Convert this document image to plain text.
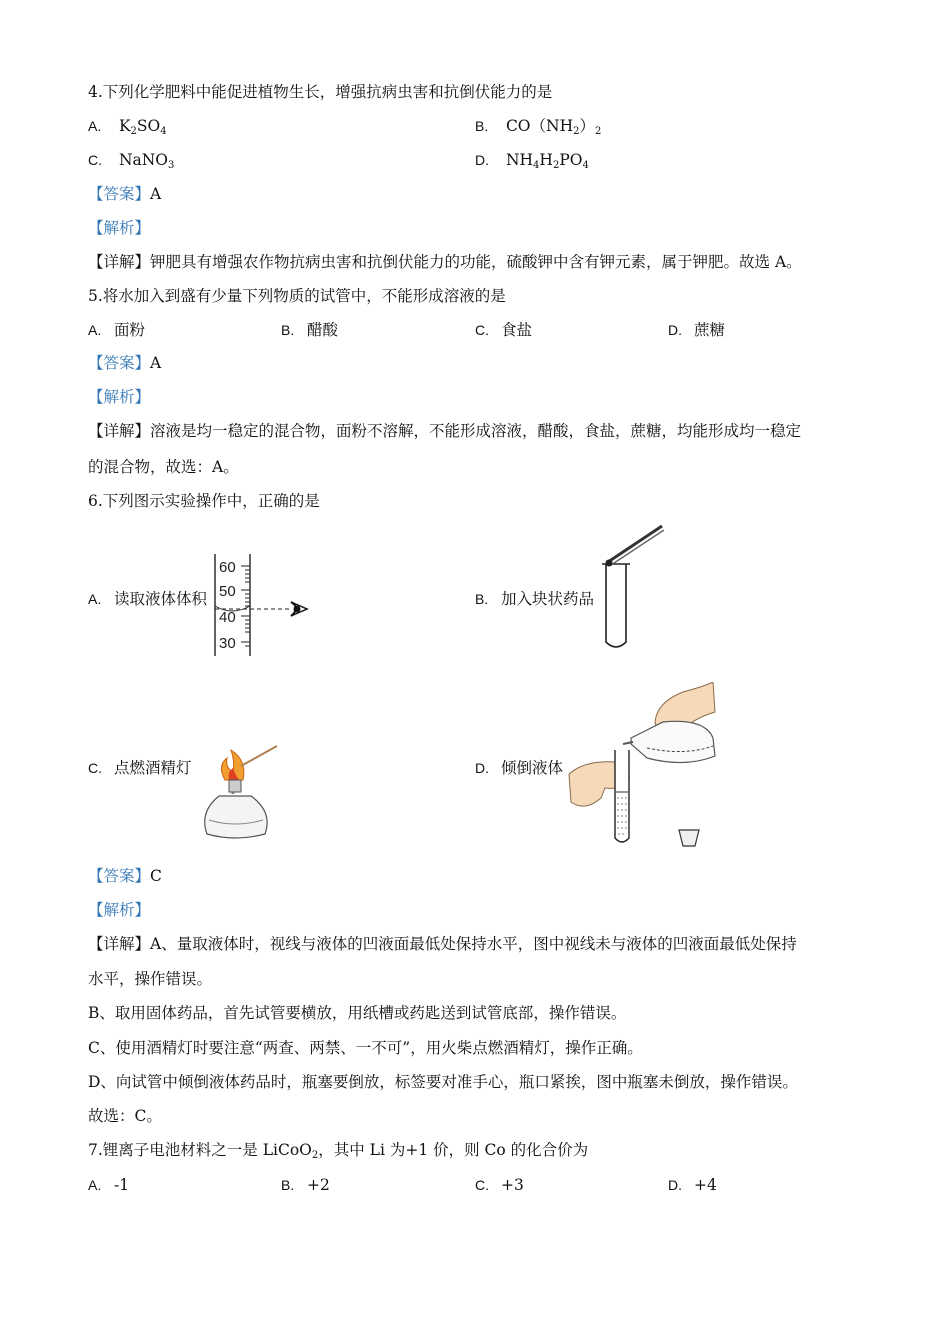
4.下列化学肥料中能促进植物生长，增强抗病虫害和抗倒伏能力的是
A. $K_2SO_4$	B. $CO(NH_2)_2$
C. NaNO$_3$	D. $NH_4H_2PO_4$
【答案】A
【解析】
【详解】钾肥具有增强农作物抗病虫害和抗倒伏能力的功能，硫酸钾中含有钾元素，属于钾肥。故选 A。
5.将水加入到盛有少量下列物质的试管中，不能形成溶液的是
A. 面粉	B. 醋酸	C. 食盐	D. 蔗糖
【答案】A
【解析】
【详解】溶液是均一稳定的混合物，面粉不溶解，不能形成溶液，醋酸，食盐，蔗糖，均能形成均一稳定
的混合物，故选：A。
6.下列图示实验操作中，正确的是
A. 读取液体体积
60
50
40
30
B. 加入块状药品
C. 点燃酒精灯	D. 倾倒液体
【答案】C
【解析】
【详解】A、量取液体时，视线与液体的凹液面最低处保持水平，图中视线未与液体的凹液面最低处保持
水平，操作错误。
B、取用固体药品，首先试管要横放，用纸槽或药匙送到试管底部，操作错误。
C、使用酒精灯时要注意“两查、两禁、一不可”，用火柴点燃酒精灯，操作正确。
D、向试管中倾倒液体药品时，瓶塞要倒放，标签要对准手心，瓶口紧挨，图中瓶塞未倒放，操作错误。
故选：C。
7.锂离子电池材料之一是 LiCoO$_2$，其中 Li 为+1 价，则 Co 的化合价为
A. -1	B. +2	C. +3	D. +4
